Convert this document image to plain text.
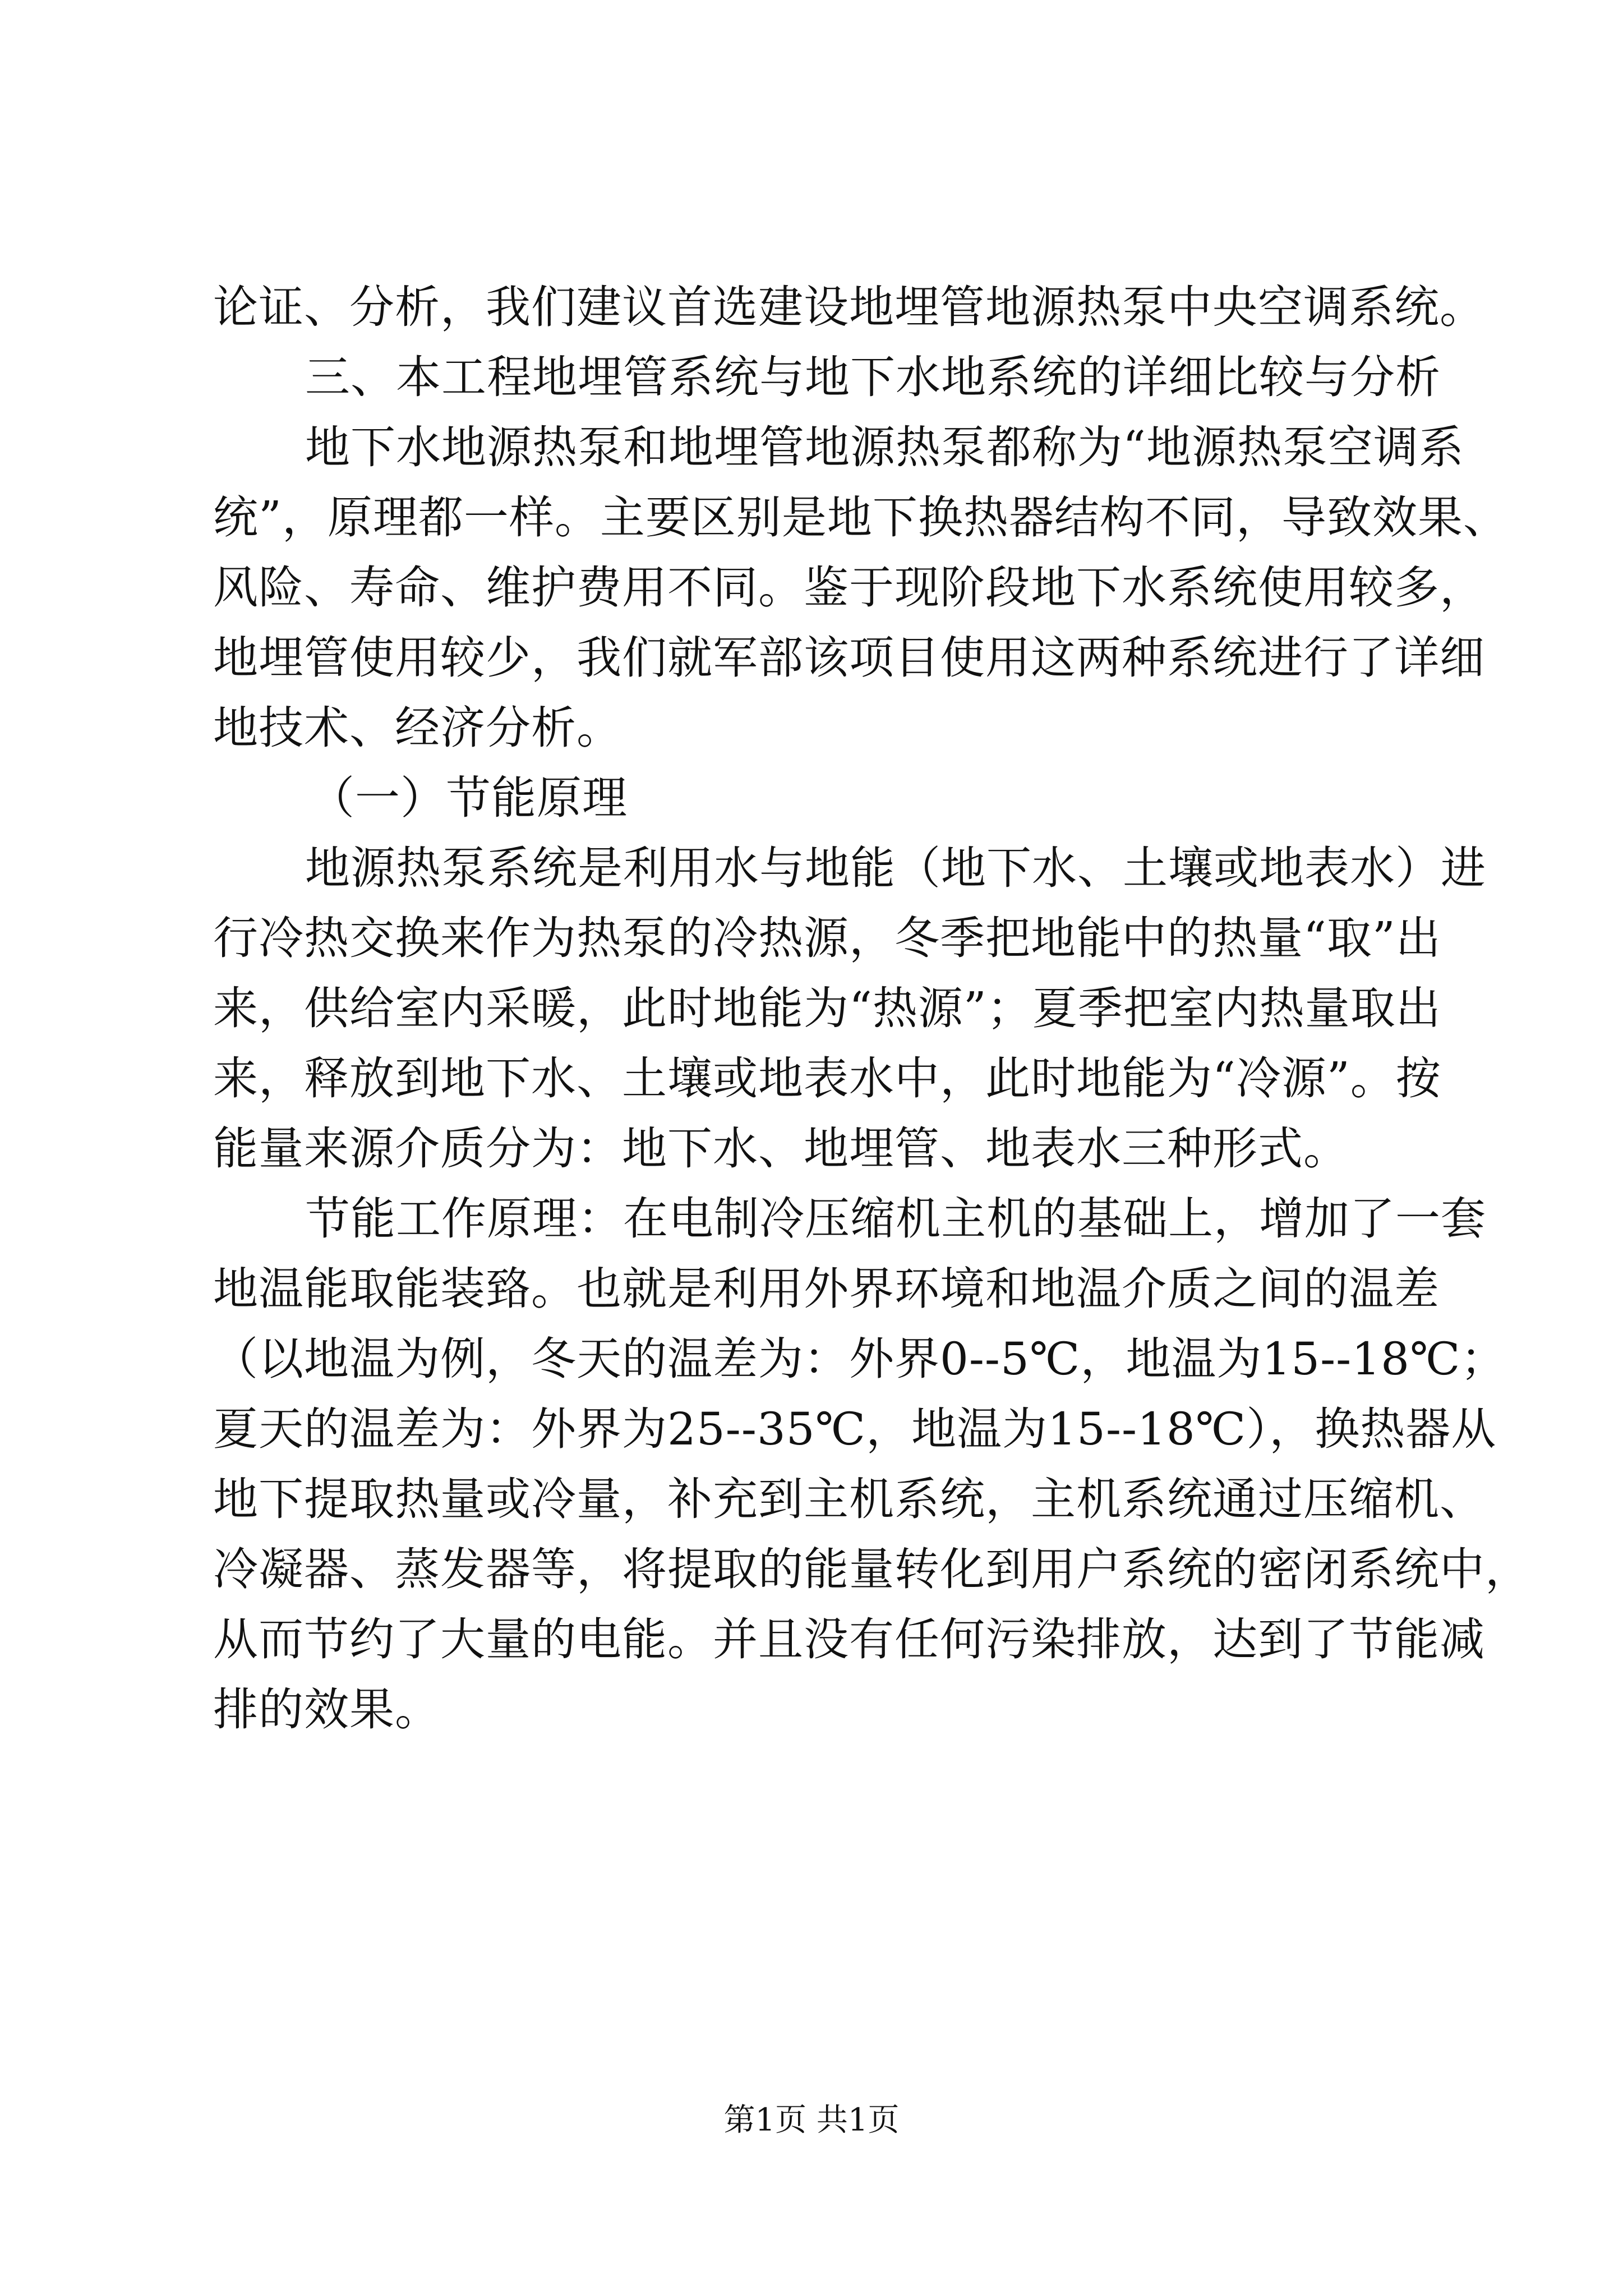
论证、分析，我们建议首选建设地埋管地源热泵中央空调系统。
三、本工程地埋管系统与地下水地系统的详细比较与分析
地下水地源热泵和地埋管地源热泵都称为“地源热泵空调系
统”，原理都一样。主要区别是地下换热器结构不同，导致效果、
风险、寿命、维护费用不同。鉴于现阶段地下水系统使用较多，
地埋管使用较少，我们就军部该项目使用这两种系统进行了详细
地技术、经济分析。
（一）节能原理
地源热泵系统是利用水与地能（地下水、土壤或地表水）进
行冷热交换来作为热泵的冷热源，冬季把地能中的热量“取”出
来，供给室内采暖，此时地能为“热源”；夏季把室内热量取出
来，释放到地下水、土壤或地表水中，此时地能为“冷源”。按
能量来源介质分为：地下水、地埋管、地表水三种形式。
节能工作原理：在电制冷压缩机主机的基础上，增加了一套
地温能取能装臵。也就是利用外界环境和地温介质之间的温差
（以地温为例，冬天的温差为：外界0--5℃，地温为15--18℃；
夏天的温差为：外界为25--35℃，地温为15--18℃），换热器从
地下提取热量或冷量，补充到主机系统，主机系统通过压缩机、
冷凝器、蒸发器等，将提取的能量转化到用户系统的密闭系统中，
从而节约了大量的电能。并且没有任何污染排放，达到了节能减
排的效果。
第1页 共1页
